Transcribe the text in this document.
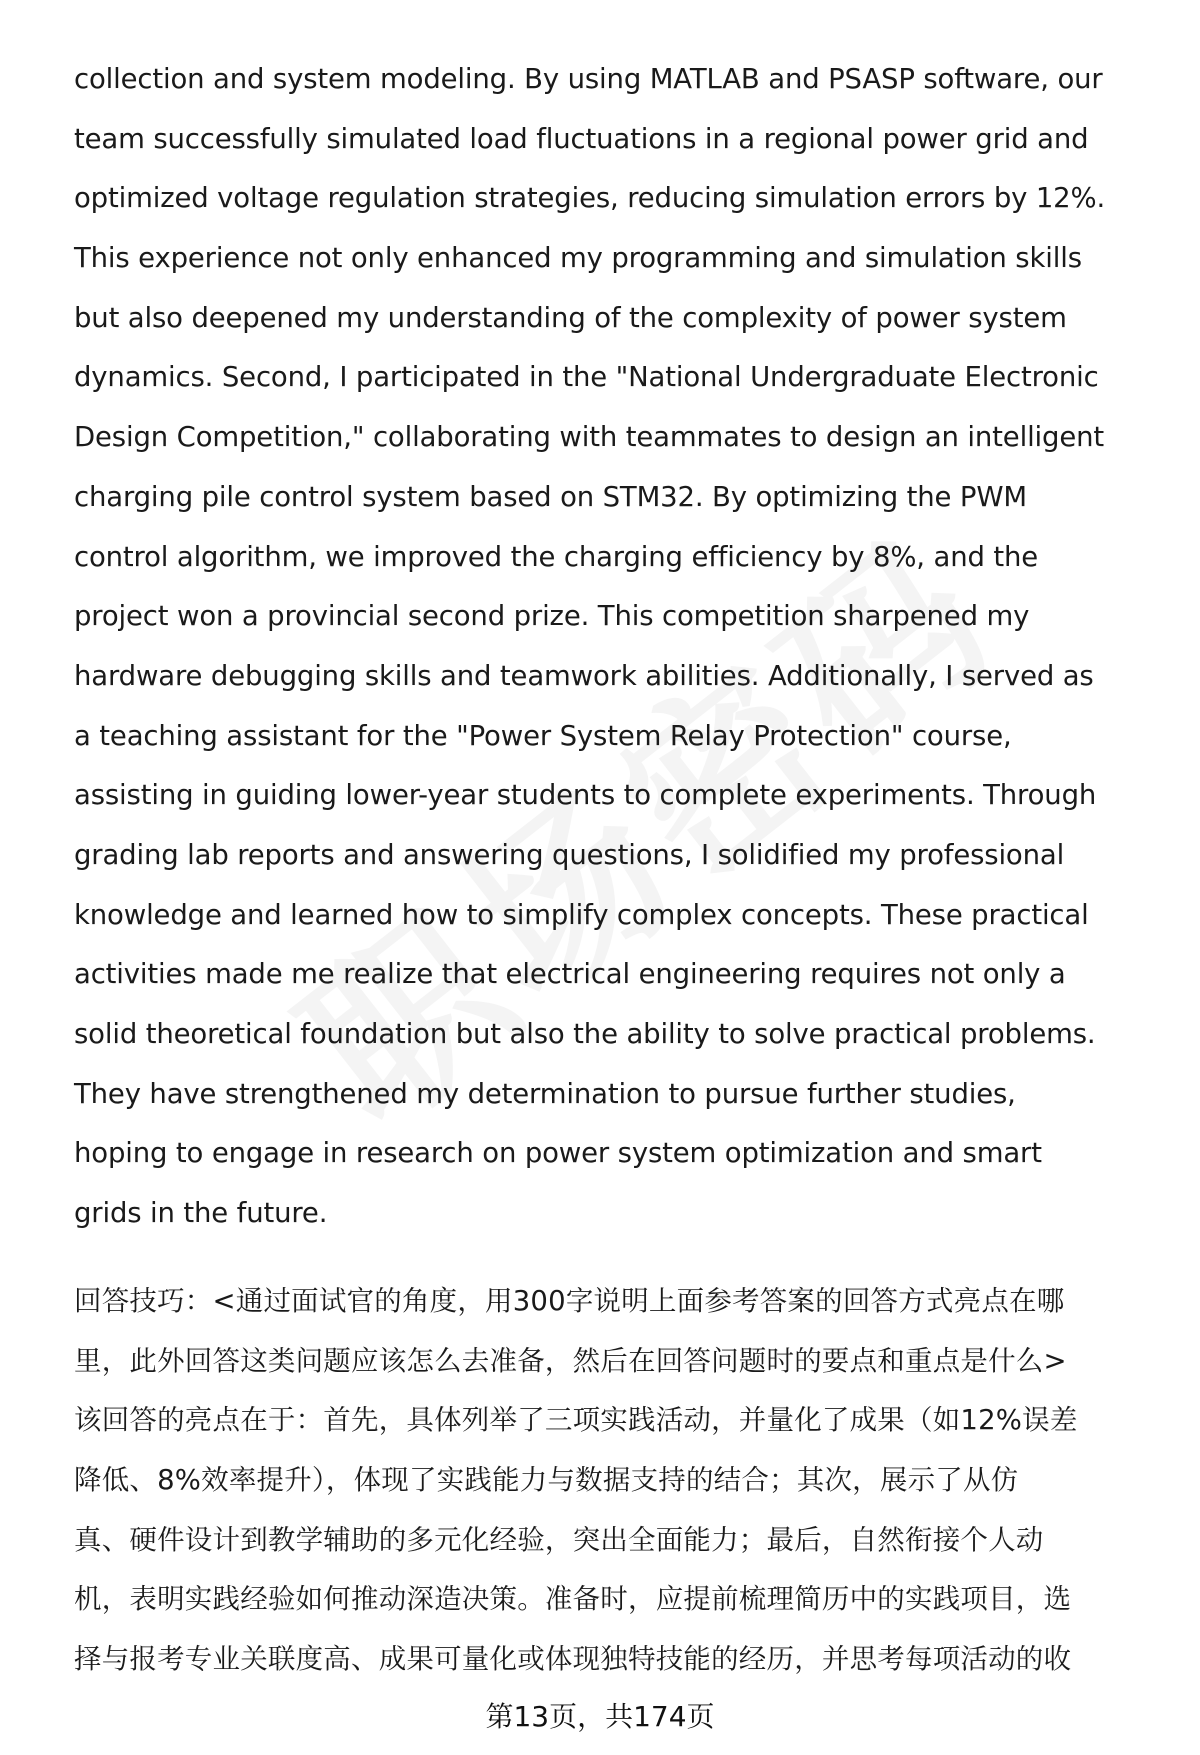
collection and system modeling. By using MATLAB and PSASP software, our
team successfully simulated load fluctuations in a regional power grid and
optimized voltage regulation strategies, reducing simulation errors by 12%.
This experience not only enhanced my programming and simulation skills
but also deepened my understanding of the complexity of power system
dynamics. Second, I participated in the "National Undergraduate Electronic
Design Competition," collaborating with teammates to design an intelligent
charging pile control system based on STM32. By optimizing the PWM
control algorithm, we improved the charging efficiency by 8%, and the
project won a provincial second prize. This competition sharpened my
hardware debugging skills and teamwork abilities. Additionally, I served as
a teaching assistant for the "Power System Relay Protection" course,
assisting in guiding lower-year students to complete experiments. Through
grading lab reports and answering questions, I solidified my professional
knowledge and learned how to simplify complex concepts. These practical
activities made me realize that electrical engineering requires not only a
solid theoretical foundation but also the ability to solve practical problems.
They have strengthened my determination to pursue further studies,
hoping to engage in research on power system optimization and smart
grids in the future.
回答技巧：<通过面试官的角度，用300字说明上面参考答案的回答方式亮点在哪
里，此外回答这类问题应该怎么去准备，然后在回答问题时的要点和重点是什么>
该回答的亮点在于：首先，具体列举了三项实践活动，并量化了成果（如12%误差
降低、8%效率提升），体现了实践能力与数据支持的结合；其次，展示了从仿
真、硬件设计到教学辅助的多元化经验，突出全面能力；最后，自然衔接个人动
机，表明实践经验如何推动深造决策。准备时，应提前梳理简历中的实践项目，选
择与报考专业关联度高、成果可量化或体现独特技能的经历，并思考每项活动的收
第13页，共174页
